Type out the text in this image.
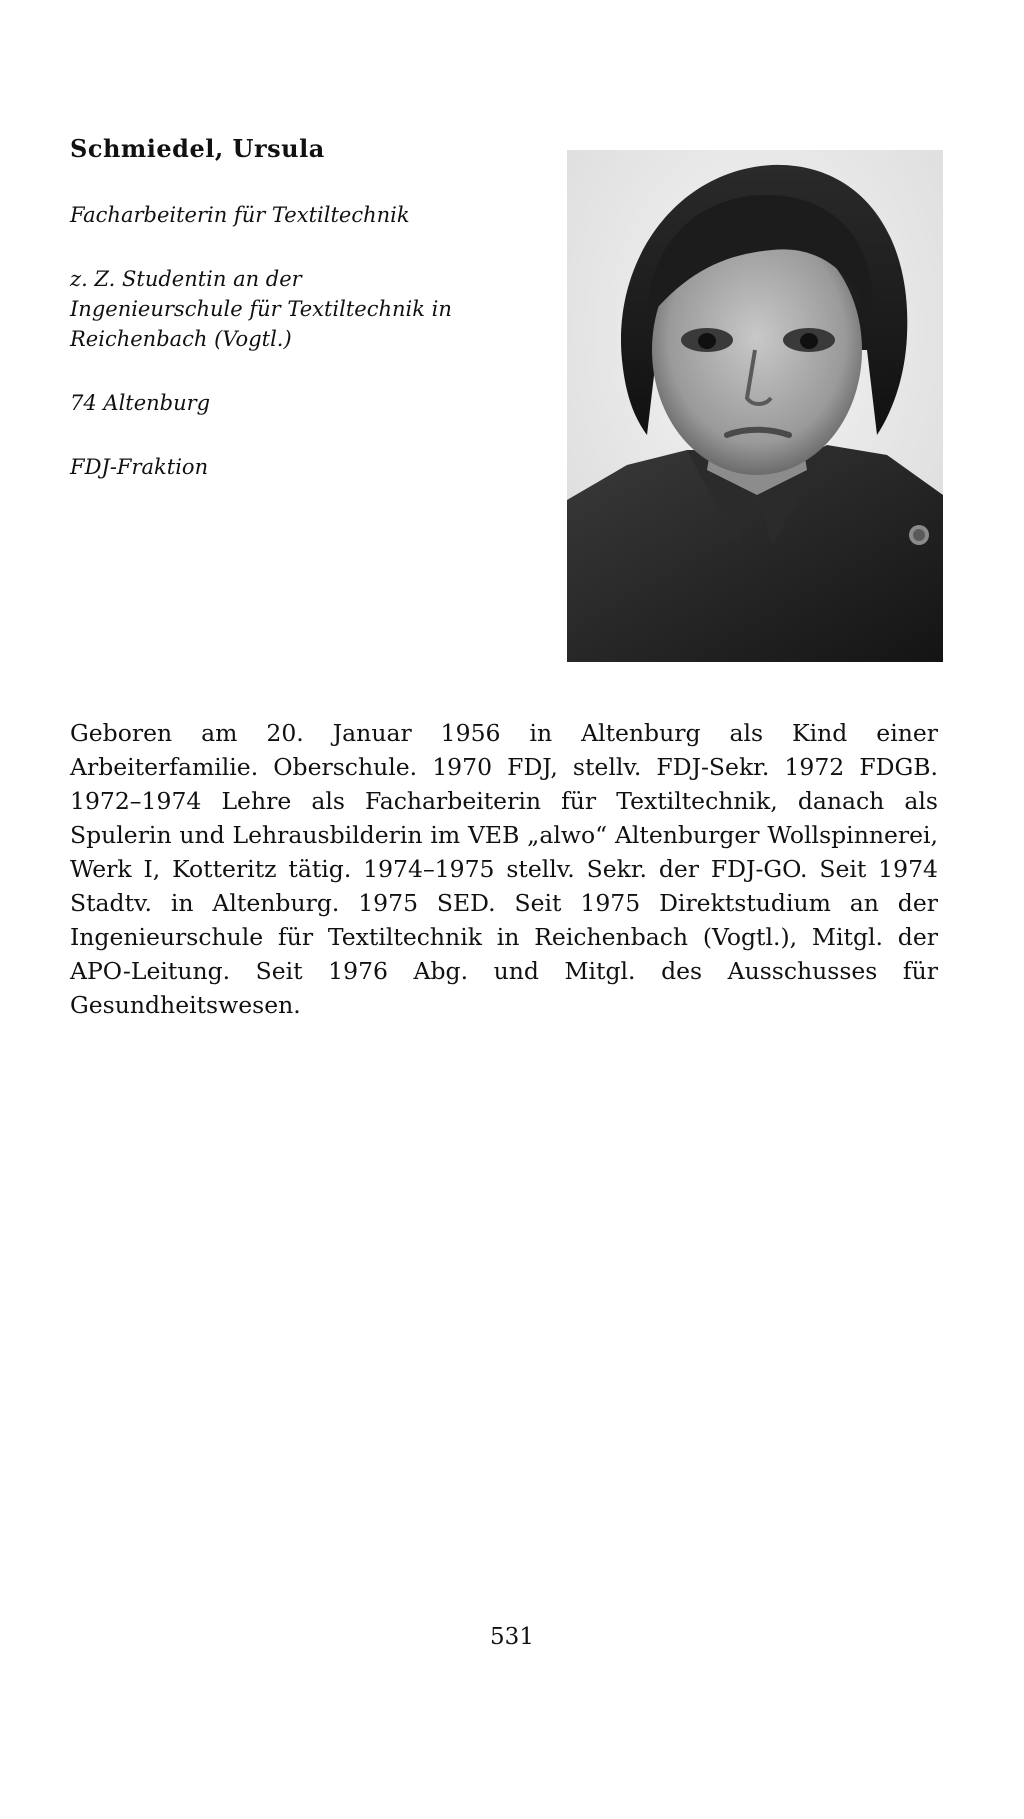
Schmiedel, Ursula

Facharbeiterin für Textiltechnik

z. Z. Studentin an der Ingenieurschule für Textiltechnik in Reichenbach (Vogtl.)

74 Altenburg

FDJ-Fraktion

Geboren am 20. Januar 1956 in Altenburg als Kind einer Arbeiterfamilie. Oberschule. 1970 FDJ, stellv. FDJ-Sekr. 1972 FDGB. 1972–1974 Lehre als Facharbeiterin für Textiltechnik, danach als Spulerin und Lehrausbilderin im VEB „alwo“ Altenburger Wollspinnerei, Werk I, Kotteritz tätig. 1974–1975 stellv. Sekr. der FDJ-GO. Seit 1974 Stadtv. in Altenburg. 1975 SED. Seit 1975 Direktstudium an der Ingenieurschule für Textiltechnik in Reichenbach (Vogtl.), Mitgl. der APO-Leitung. Seit 1976 Abg. und Mitgl. des Ausschusses für Gesundheitswesen.

531
